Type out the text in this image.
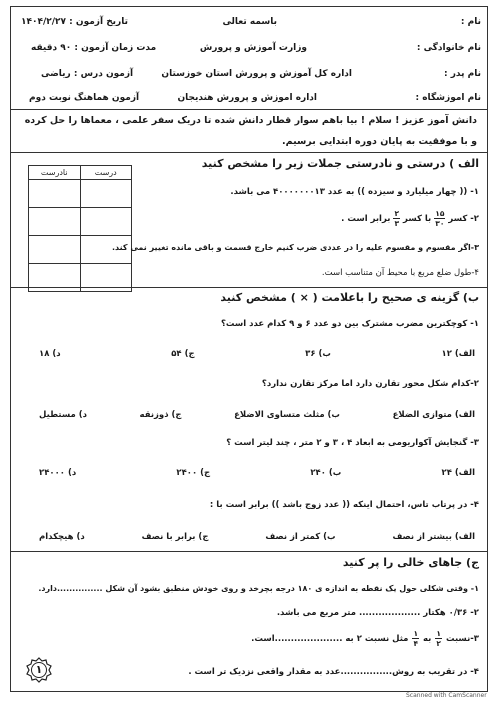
نام :
نام خانوادگی :
نام پدر :
نام اموزشگاه :
باسمه تعالی
وزارت آموزش و پرورش
اداره کل آموزش و پرورش استان خوزستان
اداره اموزش و پرورش هندیجان
تاریخ آزمون : ۱۴۰۴/۲/۲۷
مدت زمان آزمون : ۹۰ دقیقه
آزمون درس : ریاضی
آزمون هماهنگ نوبت دوم
دانش آموز عزیز ! سلام ! بیا باهم سوار قطار دانش شده تا دریک سفر علمی ، معماها را حل کرده و با موفقیت به پایان دوره ابتدایی برسیم.
الف ) درستی و نادرستی جملات زیر را مشخص کنید
درست	نادرست

۱- (( چهار میلیارد و سیزده )) به عدد ۴۰۰۰۰۰۰۰۱۳ می باشد.
۲- کسر
۱۵
۳۰
با کسر
۲
۳
برابر است .
۳-اگر مقسوم و مقسوم علیه را در عددی ضرب کنیم خارج قسمت و باقی مانده تغییر نمی کند.
۴-طول ضلع مربع با محیط آن متناسب است.
ب) گزینه ی صحیح را باعلامت ( × ) مشخص کنید
۱- کوچکترین مضرب مشترک بین دو عدد ۶ و ۹ کدام عدد است؟
الف) ۱۲
ب) ۳۶
ج) ۵۴
د) ۱۸
۲-کدام شکل محور تقارن دارد اما مرکز تقارن ندارد؟
الف) متوازی الضلاع
ب) مثلث متساوی الاضلاع
ج) ذوزنقه
د) مستطیل
۳- گنجایش آکواریومی به ابعاد ۴ ، ۳ و ۲ متر ، چند لیتر است ؟
الف) ۲۴
ب) ۲۴۰
ج) ۲۴۰۰
د) ۲۴۰۰۰
۴- در پرتاب تاس، احتمال اینکه (( عدد زوج باشد )) برابر است با :
الف) بیشتر از نصف
ب) کمتر از نصف
ج) برابر با نصف
د) هیچکدام
ج) جاهای خالی را پر کنید
۱- وقتی شکلی حول یک نقطه به اندازه ی ۱۸۰ درجه بچرخد و روی خودش منطبق بشود آن شکل ...............دارد.
۲- ۰/۳۶ هکتار ................... متر مربع می باشد.
۳-نسبت
۱
۲
به
۱
۴
مثل نسبت ۲ به .....................است.
۴- در تقریب به روش................عدد به مقدار واقعی نزدیک تر است .
۱
Scanned with CamScanner
